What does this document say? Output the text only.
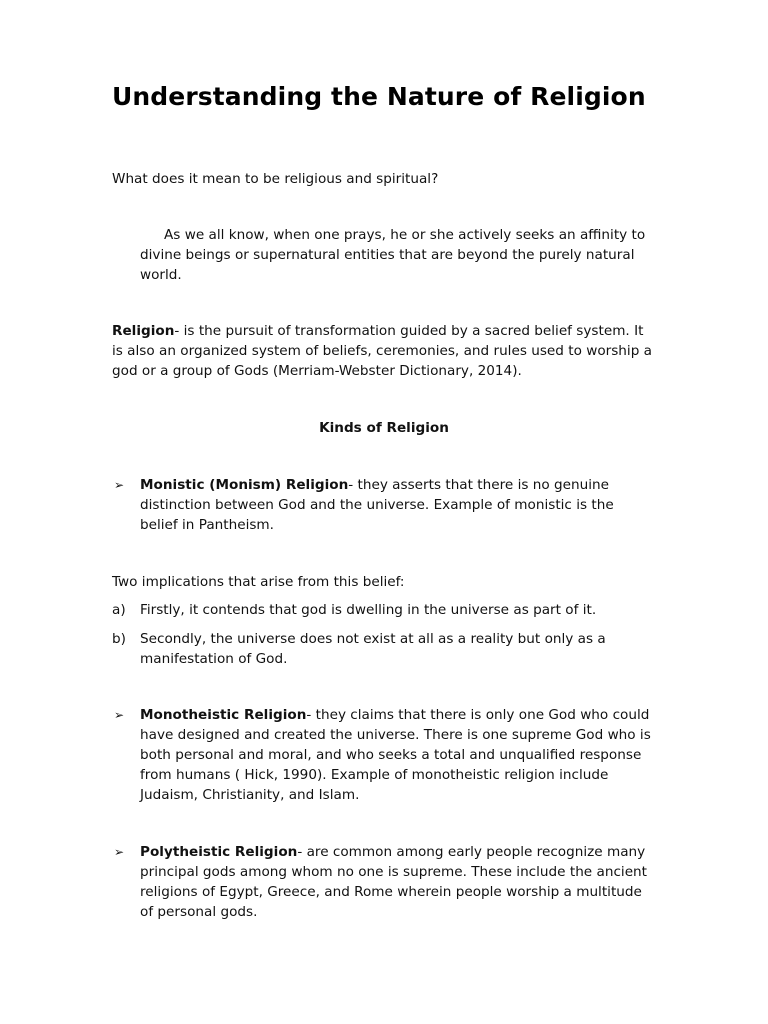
Understanding the Nature of Religion
What does it mean to be religious and spiritual?
As we all know, when one prays, he or she actively seeks an affinity to
divine beings or supernatural entities that are beyond the purely natural
world.
Religion- is the pursuit of transformation guided by a sacred belief system. It
is also an organized system of beliefs, ceremonies, and rules used to worship a
god or a group of Gods (Merriam-Webster Dictionary, 2014).
Kinds of Religion
➢ Monistic (Monism) Religion- they asserts that there is no genuine
distinction between God and the universe. Example of monistic is the
belief in Pantheism.
Two implications that arise from this belief:
a) Firstly, it contends that god is dwelling in the universe as part of it.
b) Secondly, the universe does not exist at all as a reality but only as a
manifestation of God.
➢ Monotheistic Religion- they claims that there is only one God who could
have designed and created the universe. There is one supreme God who is
both personal and moral, and who seeks a total and unqualified response
from humans ( Hick, 1990). Example of monotheistic religion include
Judaism, Christianity, and Islam.
➢ Polytheistic Religion- are common among early people recognize many
principal gods among whom no one is supreme. These include the ancient
religions of Egypt, Greece, and Rome wherein people worship a multitude
of personal gods.
